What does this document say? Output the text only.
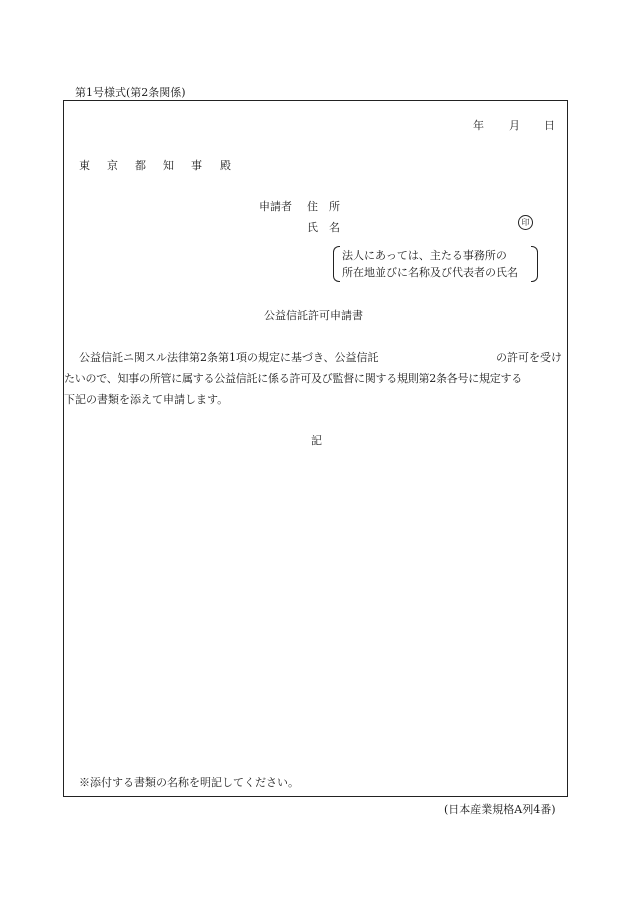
第1号様式(第2条関係)
年 月 日
東　京　都　知　事 殿
申請者 住　所
氏　名	印
法人にあっては、主たる事務所の
所在地並びに名称及び代表者の氏名
公益信託許可申請書
公益信託ニ関スル法律第2条第1項の規定に基づき、公益信託	の許可を受け
たいので、知事の所管に属する公益信託に係る許可及び監督に関する規則第2条各号に規定する
下記の書類を添えて申請します。
記
※添付する書類の名称を明記してください。
(日本産業規格A列4番)
